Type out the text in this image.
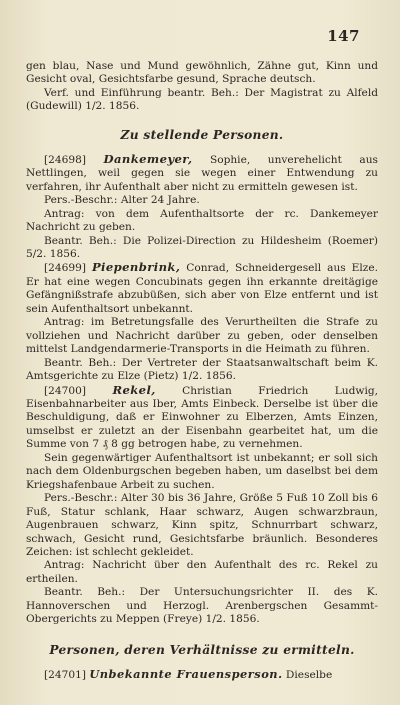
147

gen blau, Nase und Mund gewöhnlich, Zähne gut, Kinn und Gesicht oval, Gesichtsfarbe gesund, Sprache deutsch.

Verf. und Einführung beantr. Beh.: Der Magistrat zu Alfeld (Gudewill) 1/2. 1856.

Zu stellende Personen.

[24698] Dankemeyer, Sophie, unverehelicht aus Nettlingen, weil gegen sie wegen einer Entwendung zu verfahren, ihr Aufenthalt aber nicht zu ermitteln gewesen ist.

Pers.-Beschr.: Alter 24 Jahre.

Antrag: von dem Aufenthaltsorte der rc. Dankemeyer Nachricht zu geben.

Beantr. Beh.: Die Polizei-Direction zu Hildesheim (Roemer) 5/2. 1856.

[24699] Piepenbrink, Conrad, Schneidergesell aus Elze. Er hat eine wegen Concubinats gegen ihn erkannte dreitägige Gefängnißstrafe abzubüßen, sich aber von Elze entfernt und ist sein Aufenthaltsort unbekannt.

Antrag: im Betretungsfalle des Verurtheilten die Strafe zu vollziehen und Nachricht darüber zu geben, oder denselben mittelst Landgendarmerie-Transports in die Heimath zu führen.

Beantr. Beh.: Der Vertreter der Staatsanwaltschaft beim K. Amtsgerichte zu Elze (Pietz) 1/2. 1856.

[24700] Rekel, Christian Friedrich Ludwig, Eisenbahnarbeiter aus Iber, Amts Einbeck. Derselbe ist über die Beschuldigung, daß er Einwohner zu Elberzen, Amts Einzen, umselbst er zuletzt an der Eisenbahn gearbeitet hat, um die Summe von 7 ₰ 8 gg betrogen habe, zu vernehmen.

Sein gegenwärtiger Aufenthaltsort ist unbekannt; er soll sich nach dem Oldenburgschen begeben haben, um daselbst bei dem Kriegshafenbaue Arbeit zu suchen.

Pers.-Beschr.: Alter 30 bis 36 Jahre, Größe 5 Fuß 10 Zoll bis 6 Fuß, Statur schlank, Haar schwarz, Augen schwarzbraun, Augenbrauen schwarz, Kinn spitz, Schnurrbart schwarz, schwach, Gesicht rund, Gesichtsfarbe bräunlich. Besonderes Zeichen: ist schlecht gekleidet.

Antrag: Nachricht über den Aufenthalt des rc. Rekel zu ertheilen.

Beantr. Beh.: Der Untersuchungsrichter II. des K. Hannoverschen und Herzogl. Arenbergschen Gesammt-Obergerichts zu Meppen (Freye) 1/2. 1856.

Personen, deren Verhältnisse zu ermitteln.

[24701] Unbekannte Frauensperson. Dieselbe
